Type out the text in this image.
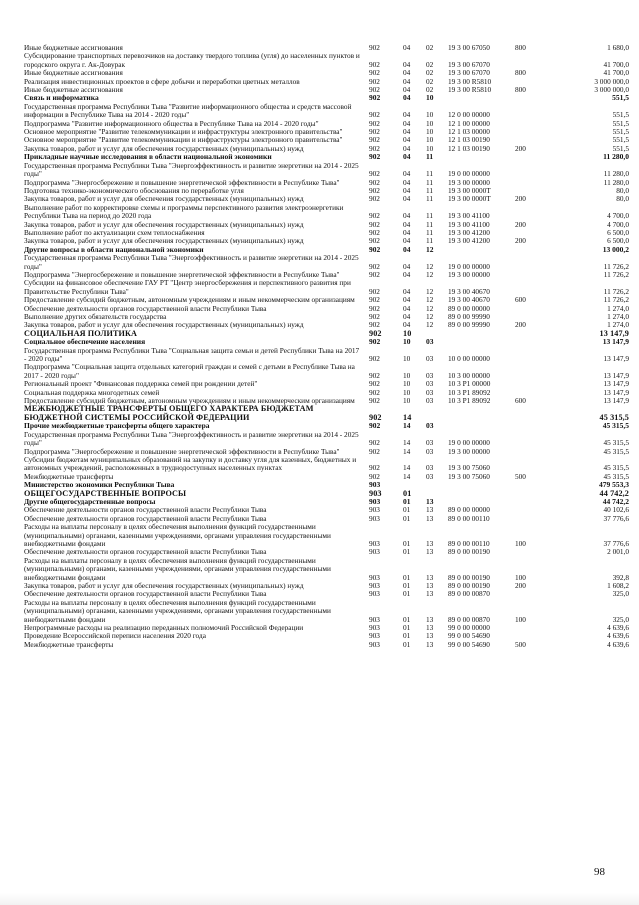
Иные бюджетные ассигнования	902	04	02	19 3 00 67050	800	1 680,0
Субсидирование транспортных перевозчиков на доставку твердого топлива (угля) до населенных пунктов и городского округа г. Ак-Довурак	902	04	02	19 3 00 67070	41 700,0
Иные бюджетные ассигнования	902	04	02	19 3 00 67070	800	41 700,0
Реализация инвестиционных проектов в сфере добычи и переработки цветных металлов	902	04	02	19 3 00 R5810	3 000 000,0
Иные бюджетные ассигнования	902	04	02	19 3 00 R5810	800	3 000 000,0
Связь и информатика	902	04	10	551,5
Государственная программа Республики Тыва "Развитие информационного общества и средств массовой информации в Республике Тыва на 2014 - 2020 годы"	902	04	10	12 0 00 00000	551,5
Подпрограмма "Развитие информационного общества в Республике Тыва на 2014 - 2020 годы"	902	04	10	12 1 00 00000	551,5
Основное мероприятие "Развитие телекоммуникации и инфраструктуры электронного правительства"	902	04	10	12 1 03 00000	551,5
Основное мероприятие "Развитие телекоммуникации и инфраструктуры электронного правительства"	902	04	10	12 1 03 00190	551,5
Закупка товаров, работ и услуг для обеспечения государственных (муниципальных) нужд	902	04	10	12 1 03 00190	200	551,5
Прикладные научные исследования в области национальной экономики	902	04	11	11 280,0
Государственная программа Республики Тыва "Энергоэффективность и развитие энергетики на 2014 - 2025 годы"	902	04	11	19 0 00 00000	11 280,0
Подпрограмма "Энергосбережение и повышение энергетической эффективности в Республике Тыва"	902	04	11	19 3 00 00000	11 280,0
Подготовка технико-экономического обоснования по переработке угля	902	04	11	19 3 00 0000Т	80,0
Закупка товаров, работ и услуг для обеспечения государственных (муниципальных) нужд	902	04	11	19 3 00 0000Т	200	80,0
Выполнение работ по корректировке схемы и программы перспективного развития электроэнергетики Республики Тыва на период до 2020 года	902	04	11	19 3 00 41100	4 700,0
Закупка товаров, работ и услуг для обеспечения государственных (муниципальных) нужд	902	04	11	19 3 00 41100	200	4 700,0
Выполнение работ по актуализации схем теплоснабжения	902	04	11	19 3 00 41200	6 500,0
Закупка товаров, работ и услуг для обеспечения государственных (муниципальных) нужд	902	04	11	19 3 00 41200	200	6 500,0
Другие вопросы в области национальной экономики	902	04	12	13 000,2
Государственная программа Республики Тыва "Энергоэффективность и развитие энергетики на 2014 - 2025 годы"	902	04	12	19 0 00 00000	11 726,2
Подпрограмма "Энергосбережение и повышение энергетической эффективности в Республике Тыва"	902	04	12	19 3 00 00000	11 726,2
Субсидии на финансовое обеспечение ГАУ РТ "Центр энергосбережения и перспективного развития при Правительстве Республики Тыва"	902	04	12	19 3 00 40670	11 726,2
Предоставление субсидий бюджетным, автономным учреждениям и иным некоммерческим организациям	902	04	12	19 3 00 40670	600	11 726,2
Обеспечение деятельности органов государственной власти Республики Тыва	902	04	12	89 0 00 00000	1 274,0
Выполнение других обязательств государства	902	04	12	89 0 00 99990	1 274,0
Закупка товаров, работ и услуг для обеспечения государственных (муниципальных) нужд	902	04	12	89 0 00 99990	200	1 274,0
СОЦИАЛЬНАЯ ПОЛИТИКА	902	10	13 147,9
Социальное обеспечение населения	902	10	03	13 147,9
Государственная программа Республики Тыва "Социальная защита семьи и детей Республики Тыва на 2017 - 2020 годы"	902	10	03	10 0 00 00000	13 147,9
Подпрограмма "Социальная защита отдельных категорий граждан и семей с детьми в Республике Тыва на 2017 - 2020 годы"	902	10	03	10 3 00 00000	13 147,9
Региональный проект "Финансовая поддержка семей при рождении детей"	902	10	03	10 3 P1 00000	13 147,9
Социальная поддержка многодетных семей	902	10	03	10 3 P1 89092	13 147,9
Предоставление субсидий бюджетным, автономным учреждениям и иным некоммерческим организациям	902	10	03	10 3 P1 89092	600	13 147,9
МЕЖБЮДЖЕТНЫЕ ТРАНСФЕРТЫ ОБЩЕГО ХАРАКТЕРА БЮДЖЕТАМ БЮДЖЕТНОЙ СИСТЕМЫ РОССИЙСКОЙ ФЕДЕРАЦИИ	902	14	45 315,5
Прочие межбюджетные трансферты общего характера	902	14	03	45 315,5
Государственная программа Республики Тыва "Энергоэффективность и развитие энергетики на 2014 - 2025 годы"	902	14	03	19 0 00 00000	45 315,5
Подпрограмма "Энергосбережение и повышение энергетической эффективности в Республике Тыва"	902	14	03	19 3 00 00000	45 315,5
Субсидии бюджетам муниципальных образований на закупку и доставку угля для казенных, бюджетных и автономных учреждений, расположенных в труднодоступных населенных пунктах	902	14	03	19 3 00 75060	45 315,5
Межбюджетные трансферты	902	14	03	19 3 00 75060	500	45 315,5
Министерство экономики Республики Тыва	903	479 553,3
ОБЩЕГОСУДАРСТВЕННЫЕ ВОПРОСЫ	903	01	44 742,2
Другие общегосударственные вопросы	903	01	13	44 742,2
Обеспечение деятельности органов государственной власти Республики Тыва	903	01	13	89 0 00 00000	40 102,6
Обеспечение деятельности органов государственной власти Республики Тыва	903	01	13	89 0 00 00110	37 776,6
Расходы на выплаты персоналу в целях обеспечения выполнения функций государственными (муниципальными) органами, казенными учреждениями, органами управления государственными внебюджетными фондами	903	01	13	89 0 00 00110	100	37 776,6
Обеспечение деятельности органов государственной власти Республики Тыва	903	01	13	89 0 00 00190	2 001,0
Расходы на выплаты персоналу в целях обеспечения выполнения функций государственными (муниципальными) органами, казенными учреждениями, органами управления государственными внебюджетными фондами	903	01	13	89 0 00 00190	100	392,8
Закупка товаров, работ и услуг для обеспечения государственных (муниципальных) нужд	903	01	13	89 0 00 00190	200	1 608,2
Обеспечение деятельности органов государственной власти Республики Тыва	903	01	13	89 0 00 00870	325,0
Расходы на выплаты персоналу в целях обеспечения выполнения функций государственными (муниципальными) органами, казенными учреждениями, органами управления государственными внебюджетными фондами	903	01	13	89 0 00 00870	100	325,0
Непрограммные расходы на реализацию переданных полномочий Российской Федерации	903	01	13	99 0 00 00000	4 639,6
Проведение Всероссийской переписи населения 2020 года	903	01	13	99 0 00 54690	4 639,6
Межбюджетные трансферты	903	01	13	99 0 00 54690	500	4 639,6
98
